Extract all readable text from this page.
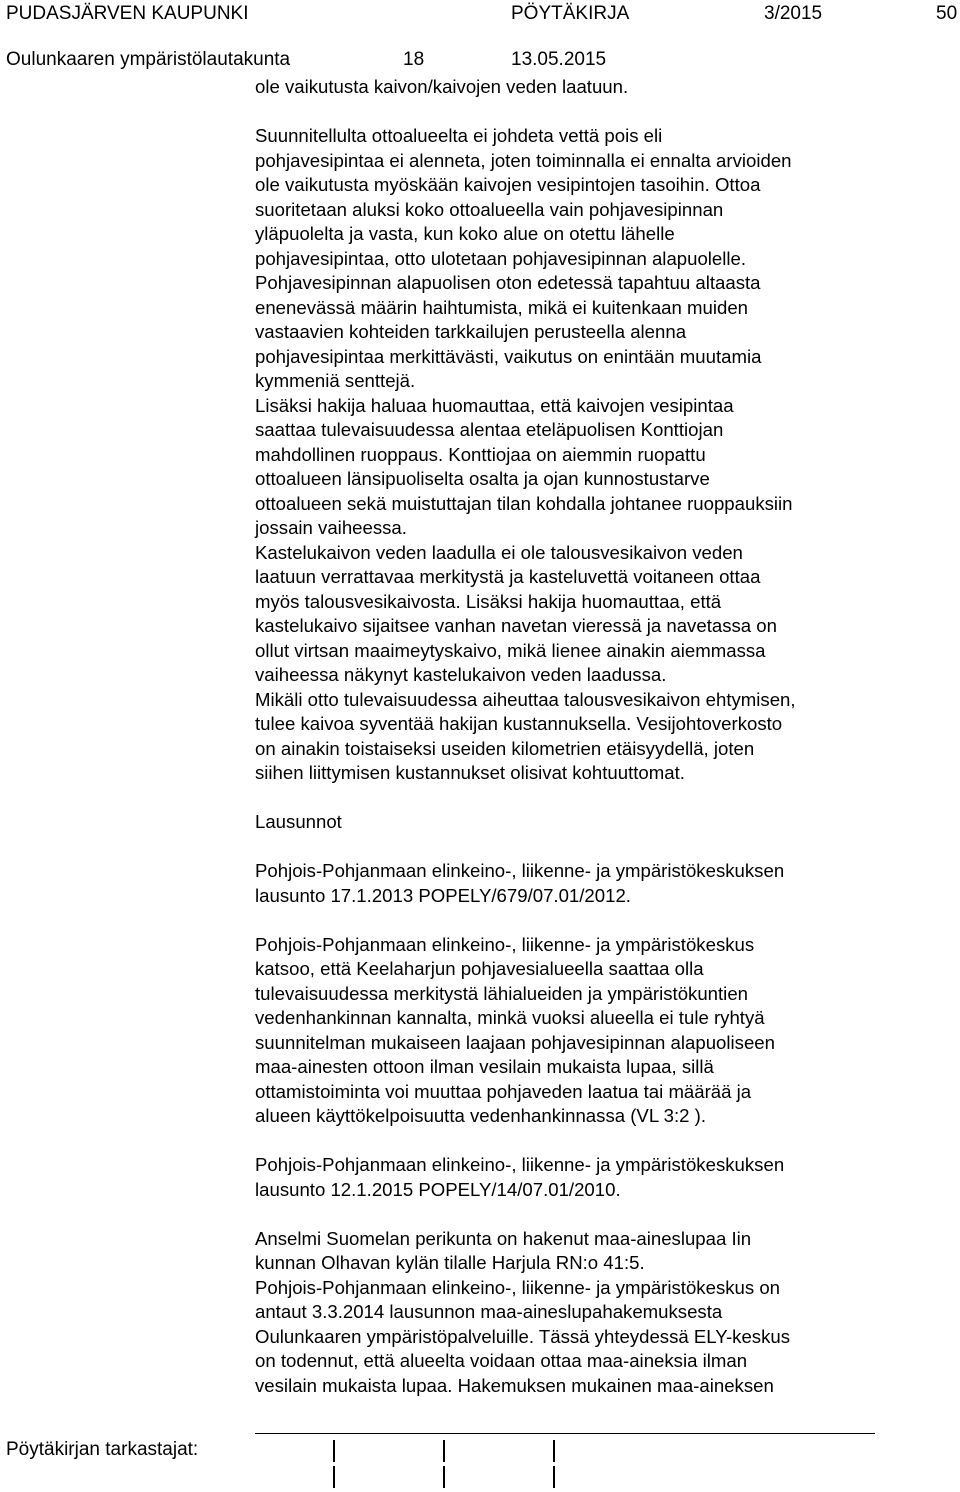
PUDASJÄRVEN KAUPUNKI	PÖYTÄKIRJA	3/2015	50
Oulunkaaren ympäristölautakunta	18	13.05.2015

ole vaikutusta kaivon/kaivojen veden laatuun.

Suunnitellulta ottoalueelta ei johdeta vettä pois eli
pohjavesipintaa ei alenneta, joten toiminnalla ei ennalta arvioiden
ole vaikutusta myöskään kaivojen vesipintojen tasoihin. Ottoa
suoritetaan aluksi koko ottoalueella vain pohjavesipinnan
yläpuolelta ja vasta, kun koko alue on otettu lähelle
pohjavesipintaa, otto ulotetaan pohjavesipinnan alapuolelle.
Pohjavesipinnan alapuolisen oton edetessä tapahtuu altaasta
enenevässä määrin haihtumista, mikä ei kuitenkaan muiden
vastaavien kohteiden tarkkailujen perusteella alenna
pohjavesipintaa merkittävästi, vaikutus on enintään muutamia
kymmeniä senttejä.
Lisäksi hakija haluaa huomauttaa, että kaivojen vesipintaa
saattaa tulevaisuudessa alentaa eteläpuolisen Konttiojan
mahdollinen ruoppaus. Konttiojaa on aiemmin ruopattu
ottoalueen länsipuoliselta osalta ja ojan kunnostustarve
ottoalueen sekä muistuttajan tilan kohdalla johtanee ruoppauksiin
jossain vaiheessa.
Kastelukaivon veden laadulla ei ole talousvesikaivon veden
laatuun verrattavaa merkitystä ja kasteluvettä voitaneen ottaa
myös talousvesikaivosta. Lisäksi hakija huomauttaa, että
kastelukaivo sijaitsee vanhan navetan vieressä ja navetassa on
ollut virtsan maaimeytyskaivo, mikä lienee ainakin aiemmassa
vaiheessa näkynyt kastelukaivon veden laadussa.
Mikäli otto tulevaisuudessa aiheuttaa talousvesikaivon ehtymisen,
tulee kaivoa syventää hakijan kustannuksella. Vesijohtoverkosto
on ainakin toistaiseksi useiden kilometrien etäisyydellä, joten
siihen liittymisen kustannukset olisivat kohtuuttomat.

Lausunnot

Pohjois-Pohjanmaan elinkeino-, liikenne- ja ympäristökeskuksen
lausunto 17.1.2013 POPELY/679/07.01/2012.

Pohjois-Pohjanmaan elinkeino-, liikenne- ja ympäristökeskus
katsoo, että Keelaharjun pohjavesialueella saattaa olla
tulevaisuudessa merkitystä lähialueiden ja ympäristökuntien
vedenhankinnan kannalta, minkä vuoksi alueella ei tule ryhtyä
suunnitelman mukaiseen laajaan pohjavesipinnan alapuoliseen
maa-ainesten ottoon ilman vesilain mukaista lupaa, sillä
ottamistoiminta voi muuttaa pohjaveden laatua tai määrää ja
alueen käyttökelpoisuutta vedenhankinnassa (VL 3:2 ).

Pohjois-Pohjanmaan elinkeino-, liikenne- ja ympäristökeskuksen
lausunto 12.1.2015 POPELY/14/07.01/2010.

Anselmi Suomelan perikunta on hakenut maa-aineslupaa Iin
kunnan Olhavan kylän tilalle Harjula RN:o 41:5.
Pohjois-Pohjanmaan elinkeino-, liikenne- ja ympäristökeskus on
antaut 3.3.2014 lausunnon maa-aineslupahakemuksesta
Oulunkaaren ympäristöpalveluille. Tässä yhteydessä ELY-keskus
on todennut, että alueelta voidaan ottaa maa-aineksia ilman
vesilain mukaista lupaa. Hakemuksen mukainen maa-aineksen

Pöytäkirjan tarkastajat:
